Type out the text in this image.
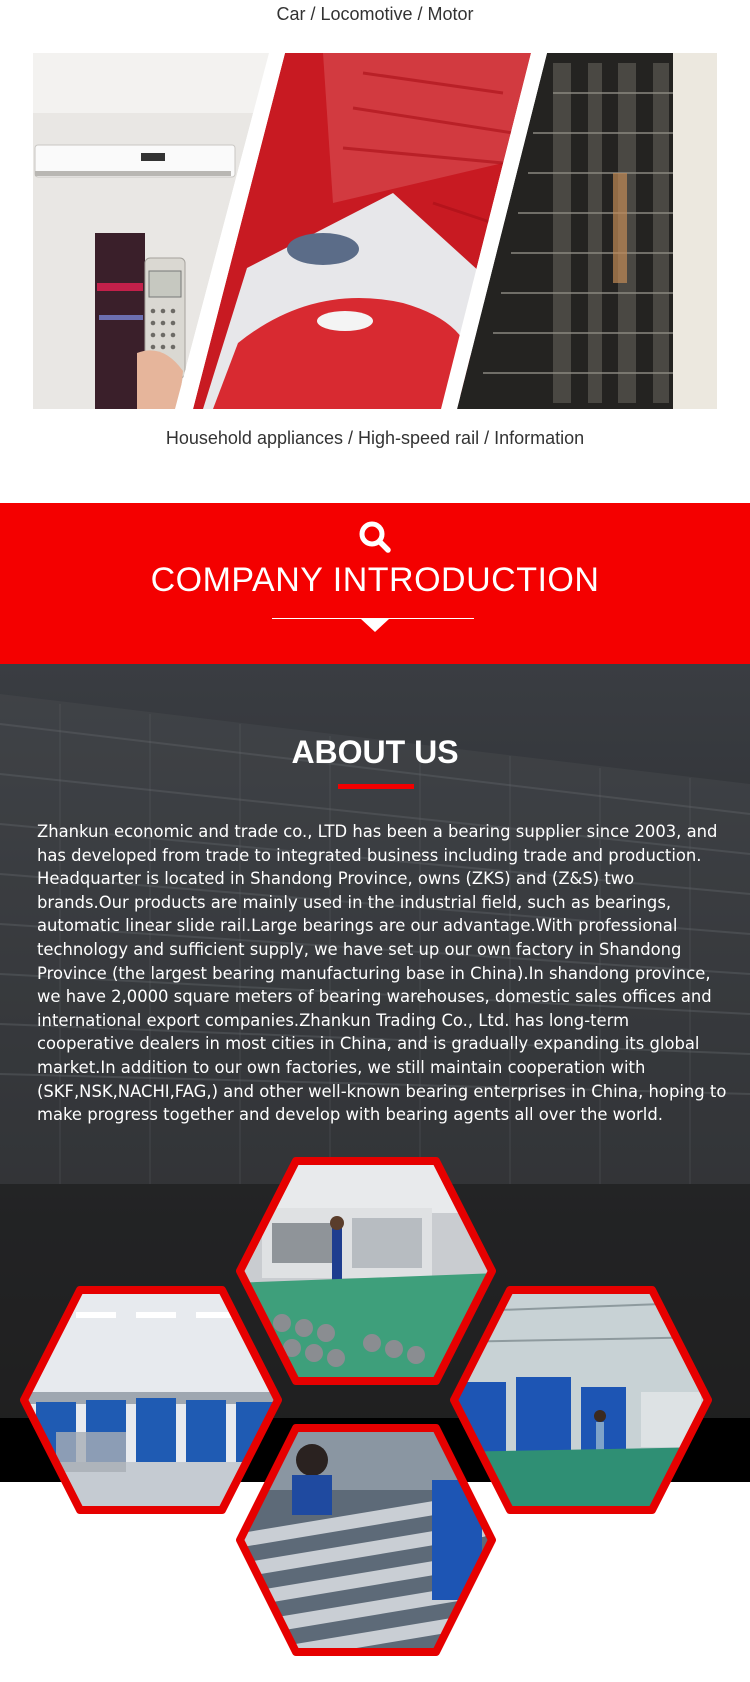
Car / Locomotive / Motor
Household appliances / High-speed rail / Information
COMPANY INTRODUCTION
ABOUT US
Zhankun economic and trade co., LTD has been a bearing supplier since 2003, and has developed from trade to integrated business including trade and production. Headquarter is located in Shandong Province, owns (ZKS) and (Z&S) two brands.Our products are mainly used in the industrial field, such as bearings, automatic linear slide rail.Large bearings are our advantage.With professional technology and sufficient supply, we have set up our own factory in Shandong Province (the largest bearing manufacturing base in China).In shandong province, we have 2,0000 square meters of bearing warehouses, domestic sales offices and international export companies.Zhankun Trading Co., Ltd. has long-term cooperative dealers in most cities in China, and is gradually expanding its global market.In addition to our own factories, we still maintain cooperation with (SKF,NSK,NACHI,FAG,) and other well-known bearing enterprises in China, hoping to make progress together and develop with bearing agents all over the world.
